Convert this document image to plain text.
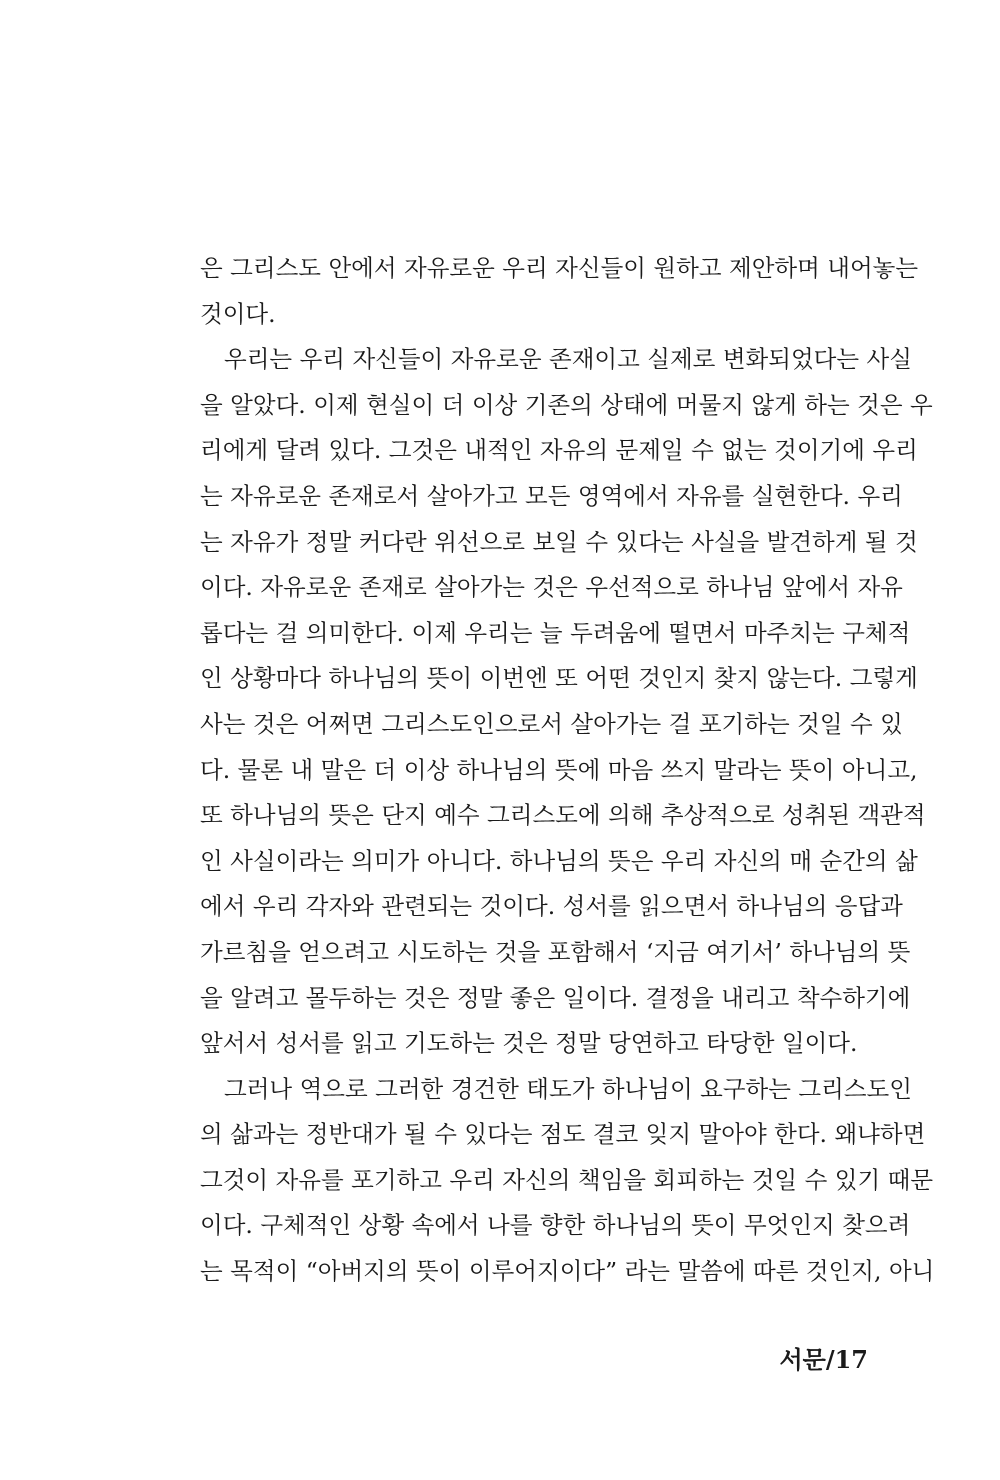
은 그리스도 안에서 자유로운 우리 자신들이 원하고 제안하며 내어놓는
것이다.
우리는 우리 자신들이 자유로운 존재이고 실제로 변화되었다는 사실
을 알았다. 이제 현실이 더 이상 기존의 상태에 머물지 않게 하는 것은 우
리에게 달려 있다. 그것은 내적인 자유의 문제일 수 없는 것이기에 우리
는 자유로운 존재로서 살아가고 모든 영역에서 자유를 실현한다. 우리
는 자유가 정말 커다란 위선으로 보일 수 있다는 사실을 발견하게 될 것
이다. 자유로운 존재로 살아가는 것은 우선적으로 하나님 앞에서 자유
롭다는 걸 의미한다. 이제 우리는 늘 두려움에 떨면서 마주치는 구체적
인 상황마다 하나님의 뜻이 이번엔 또 어떤 것인지 찾지 않는다. 그렇게
사는 것은 어쩌면 그리스도인으로서 살아가는 걸 포기하는 것일 수 있
다. 물론 내 말은 더 이상 하나님의 뜻에 마음 쓰지 말라는 뜻이 아니고,
또 하나님의 뜻은 단지 예수 그리스도에 의해 추상적으로 성취된 객관적
인 사실이라는 의미가 아니다. 하나님의 뜻은 우리 자신의 매 순간의 삶
에서 우리 각자와 관련되는 것이다. 성서를 읽으면서 하나님의 응답과
가르침을 얻으려고 시도하는 것을 포함해서 ‘지금 여기서’ 하나님의 뜻
을 알려고 몰두하는 것은 정말 좋은 일이다. 결정을 내리고 착수하기에
앞서서 성서를 읽고 기도하는 것은 정말 당연하고 타당한 일이다.
그러나 역으로 그러한 경건한 태도가 하나님이 요구하는 그리스도인
의 삶과는 정반대가 될 수 있다는 점도 결코 잊지 말아야 한다. 왜냐하면
그것이 자유를 포기하고 우리 자신의 책임을 회피하는 것일 수 있기 때문
이다. 구체적인 상황 속에서 나를 향한 하나님의 뜻이 무엇인지 찾으려
는 목적이 “아버지의 뜻이 이루어지이다” 라는 말씀에 따른 것인지, 아니
서문/17
